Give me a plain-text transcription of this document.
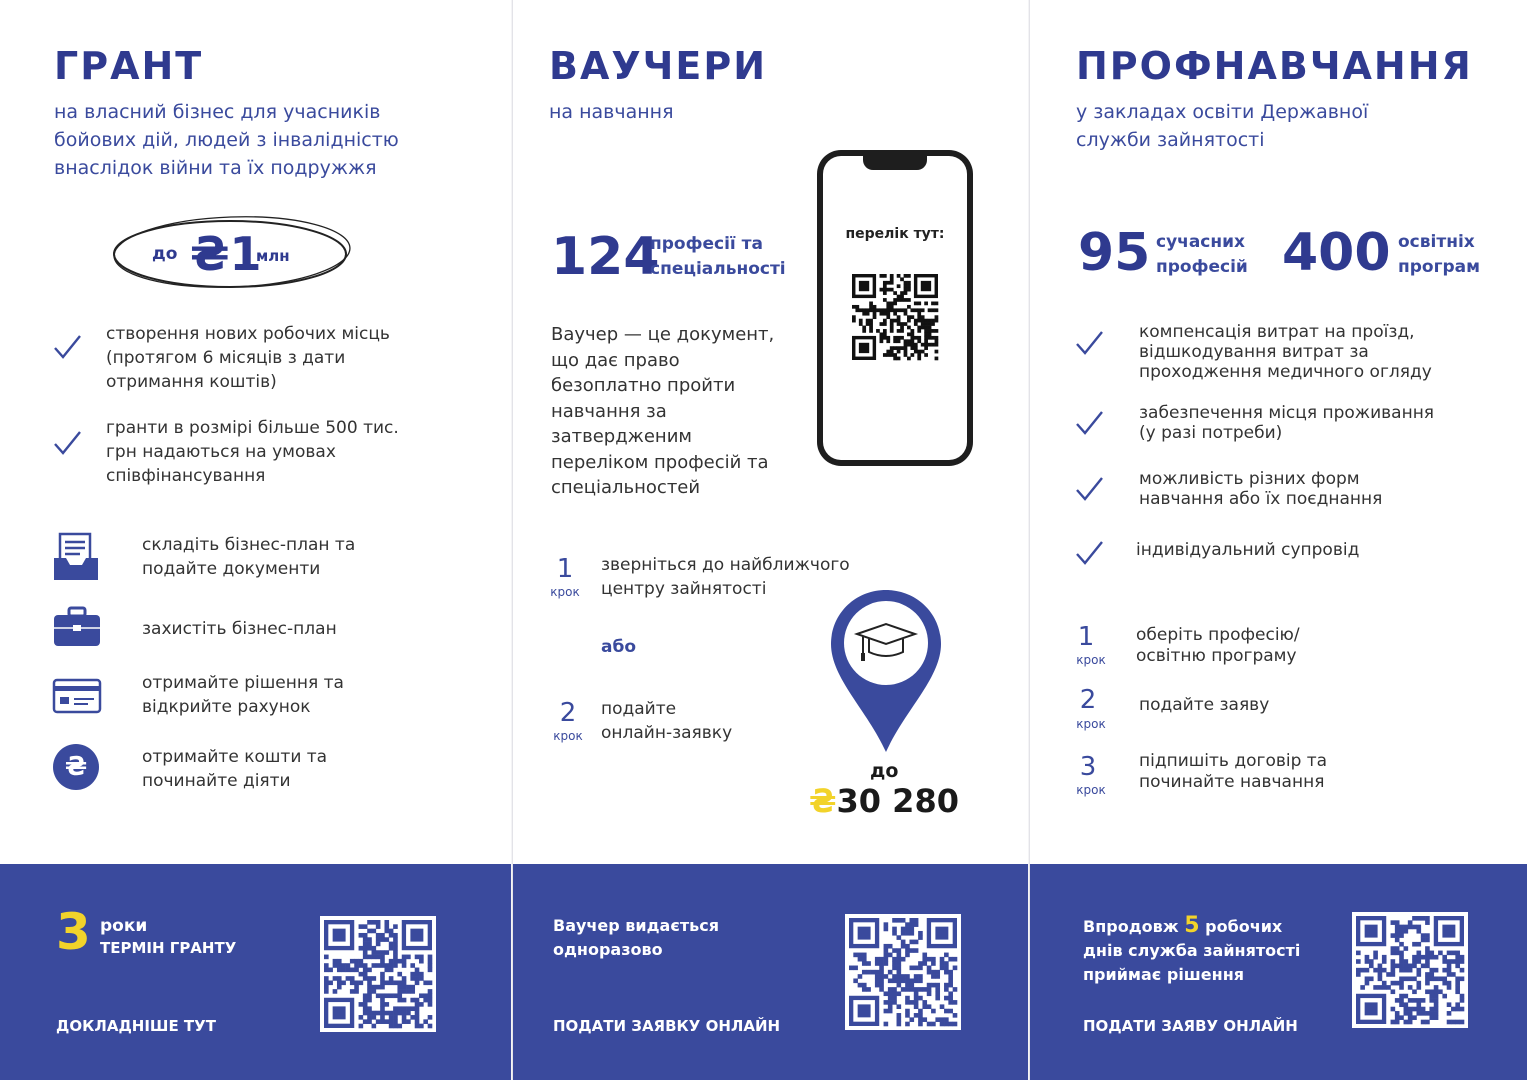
ГРАНТ
на власний бізнес для учасників
бойових дій, людей з інвалідністю
внаслідок війни та їх подружжя
до ₴1
млн
створення нових робочих місць
(протягом 6 місяців з дати
отримання коштів)
гранти в розмірі більше 500 тис.
грн надаються на умовах
співфінансування
складіть бізнес-план та
подайте документи
захистіть бізнес-план
отримайте рішення та
відкрийте рахунок
₴	отримайте кошти та
починайте діяти
3 роки
ТЕРМІН ГРАНТУ
ДОКЛАДНІШЕ ТУТ
ВАУЧЕРИ
на навчання
124
професії та
спеціальності
перелік тут:
Ваучер — це документ,
що дає право
безоплатно пройти
навчання за
затвердженим
переліком професій та
спеціальностей
1
крок
зверніться до найближчого
центру зайнятості
або
2
крок
подайте
онлайн-заявку
до
₴30 280
Ваучер видається
одноразово
ПОДАТИ ЗАЯВКУ ОНЛАЙН
ПРОФНАВЧАННЯ
у закладах освіти Державної
служби зайнятості
95 сучасних
професій 400 освітніх
програм
компенсація витрат на проїзд,
відшкодування витрат за
проходження медичного огляду
забезпечення місця проживання
(у разі потреби)
можливість різних форм
навчання або їх поєднання
індивідуальний супровід
1
крок
оберіть професію/
освітню програму
2
крок
подайте заяву
3
крок
підпишіть договір та
починайте навчання
Впродовж 5 робочих
днів служба зайнятості
приймає рішення
ПОДАТИ ЗАЯВУ ОНЛАЙН
